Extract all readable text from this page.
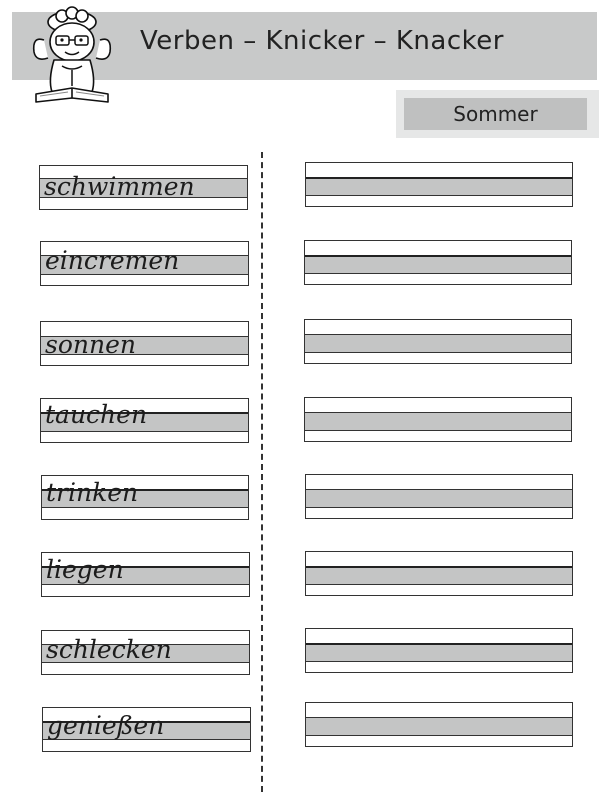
Verben – Knicker – Knacker
Sommer
schwimmen
eincremen
sonnen
tauchen
trinken
liegen
schlecken
genießen
